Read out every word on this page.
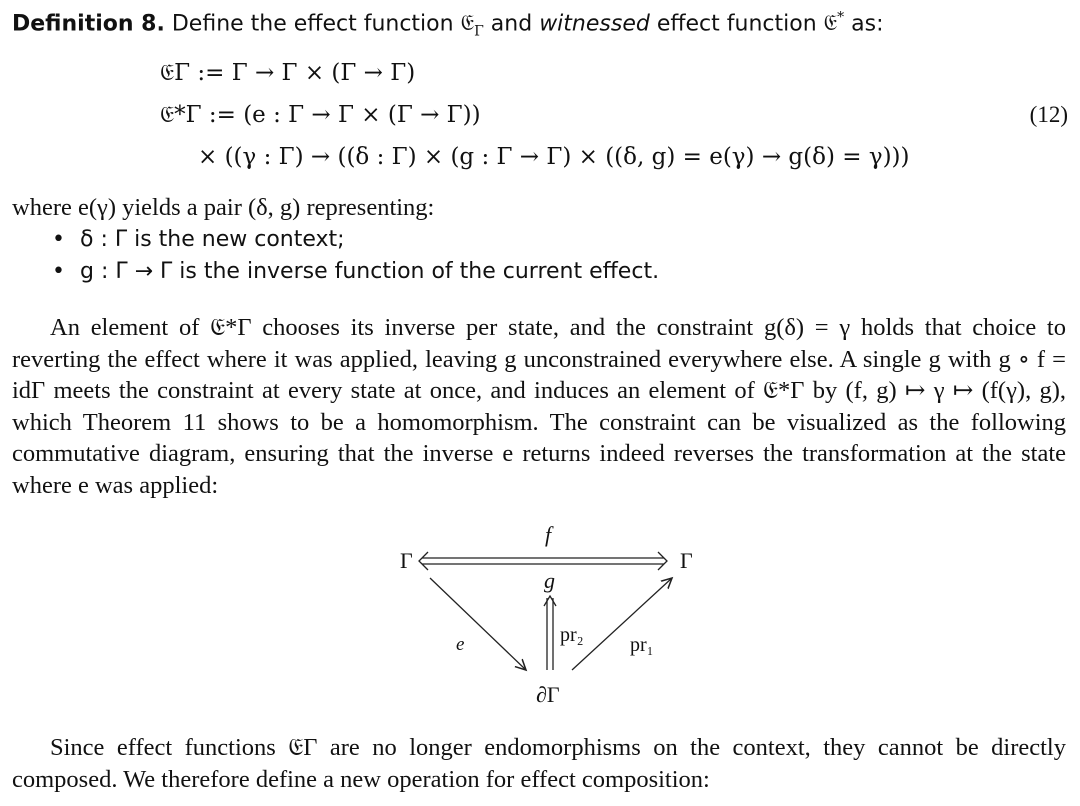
Definition 8. Define the effect function 𝔈$_\Gamma$ and witnessed effect function 𝔈* as:
𝔈Γ := Γ → Γ × (Γ → Γ)
𝔈*Γ := (e : Γ → Γ × (Γ → Γ))
× ((γ : Γ) → ((δ : Γ) × (g : Γ → Γ) × ((δ, g) = e(γ) → g(δ) = γ)))
(12)
where e(γ) yields a pair (δ, g) representing:
• δ : Γ is the new context;
• g : Γ → Γ is the inverse function of the current effect.

An element of 𝔈*Γ chooses its inverse per state, and the constraint g(δ) = γ holds that choice to reverting the effect where it was applied, leaving g unconstrained everywhere else. A single g with g ∘ f = idΓ meets the constraint at every state at once, and induces an element of 𝔈*Γ by (f, g) ↦ γ ↦ (f(γ), g), which Theorem 11 shows to be a homomorphism. The constraint can be visualized as the following commutative diagram, ensuring that the inverse e returns indeed reverses the transformation at the state where e was applied:

Γ	Γ
∂Γ
f
g
e	pr₂ pr₁

Since effect functions 𝔈Γ are no longer endomorphisms on the context, they cannot be directly composed. We therefore define a new operation for effect composition:
